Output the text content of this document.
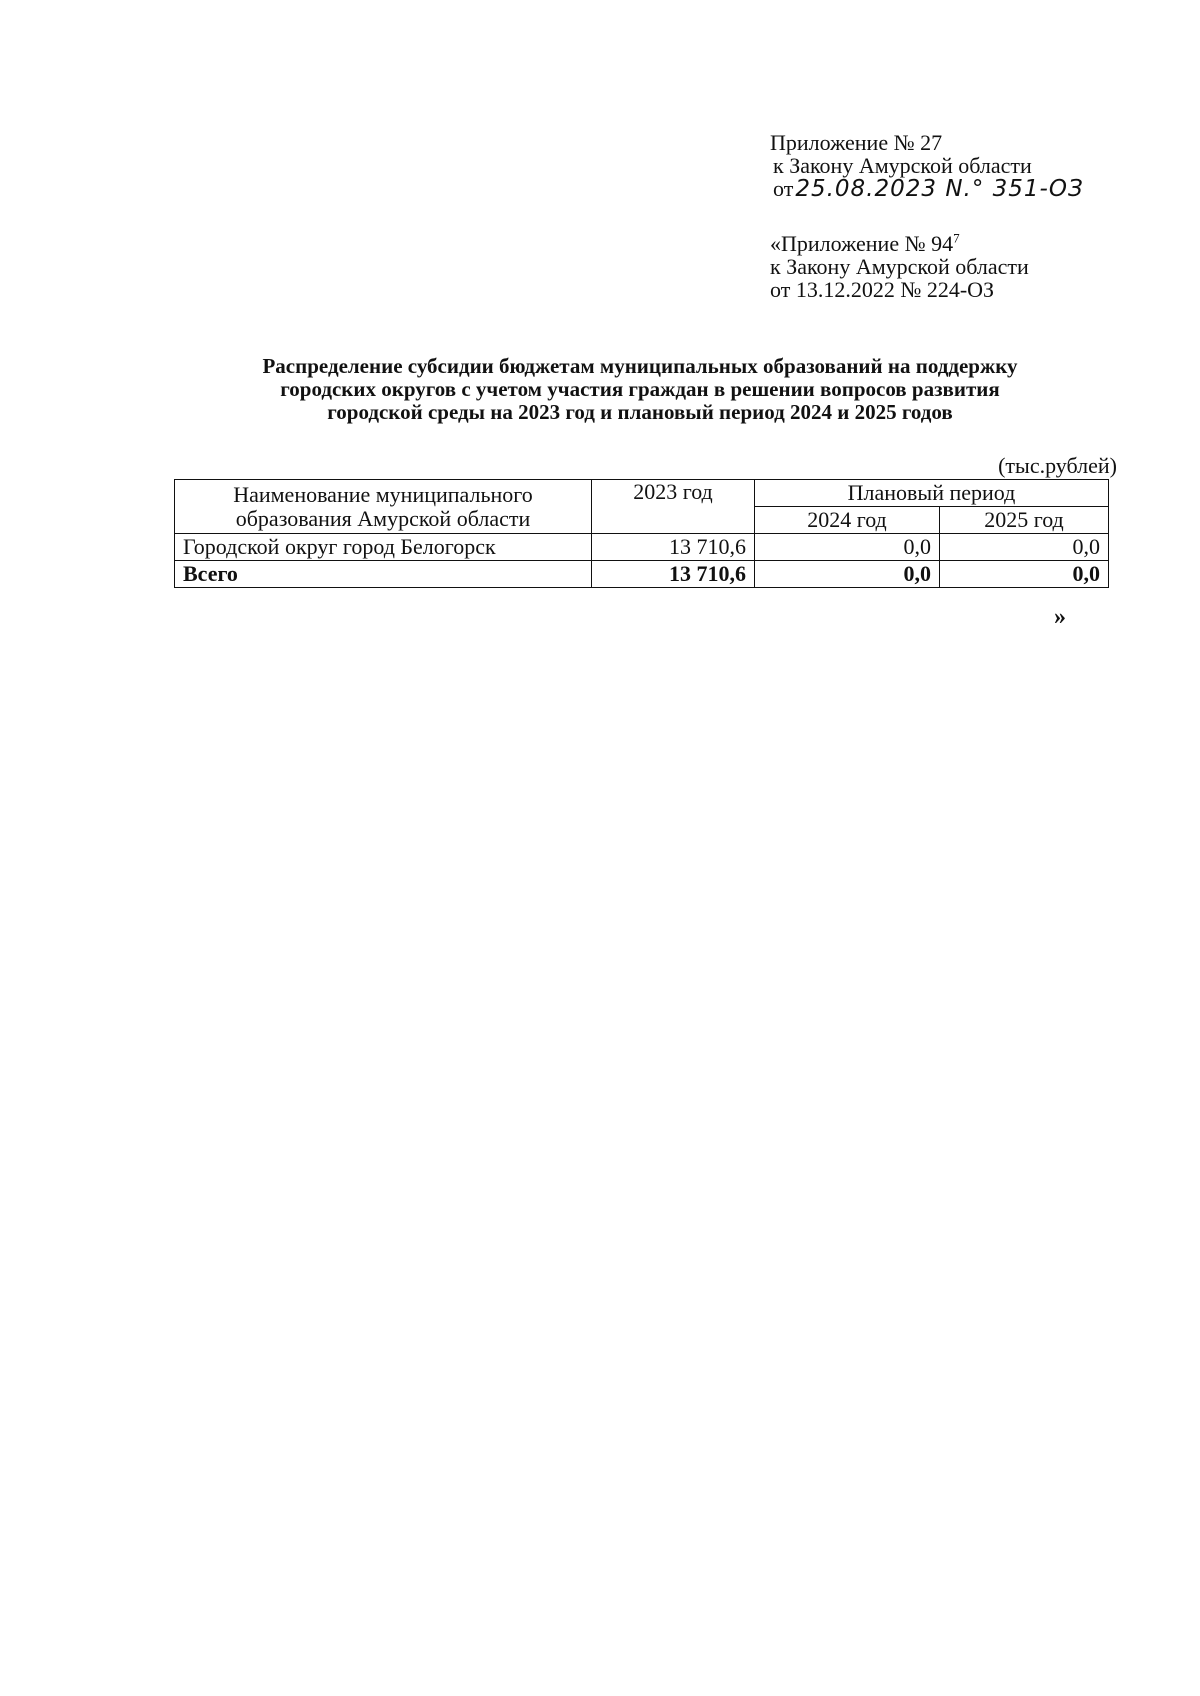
Приложение № 27
к Закону Амурской области
от25.08.2023 N.° 351-ОЗ
«Приложение № $94^7$
к Закону Амурской области
от 13.12.2022 № 224-ОЗ
Распределение субсидии бюджетам муниципальных образований на поддержку
городских округов с учетом участия граждан в решении вопросов развития
городской среды на 2023 год и плановый период 2024 и 2025 годов
(тыс.рублей)
Наименование муниципального
образования Амурской области	2023 год	Плановый период	
		2024 год	2025 год
Городской округ город Белогорск	13 710,6	0,0	0,0
Всего	13 710,6	0,0	0,0
»
